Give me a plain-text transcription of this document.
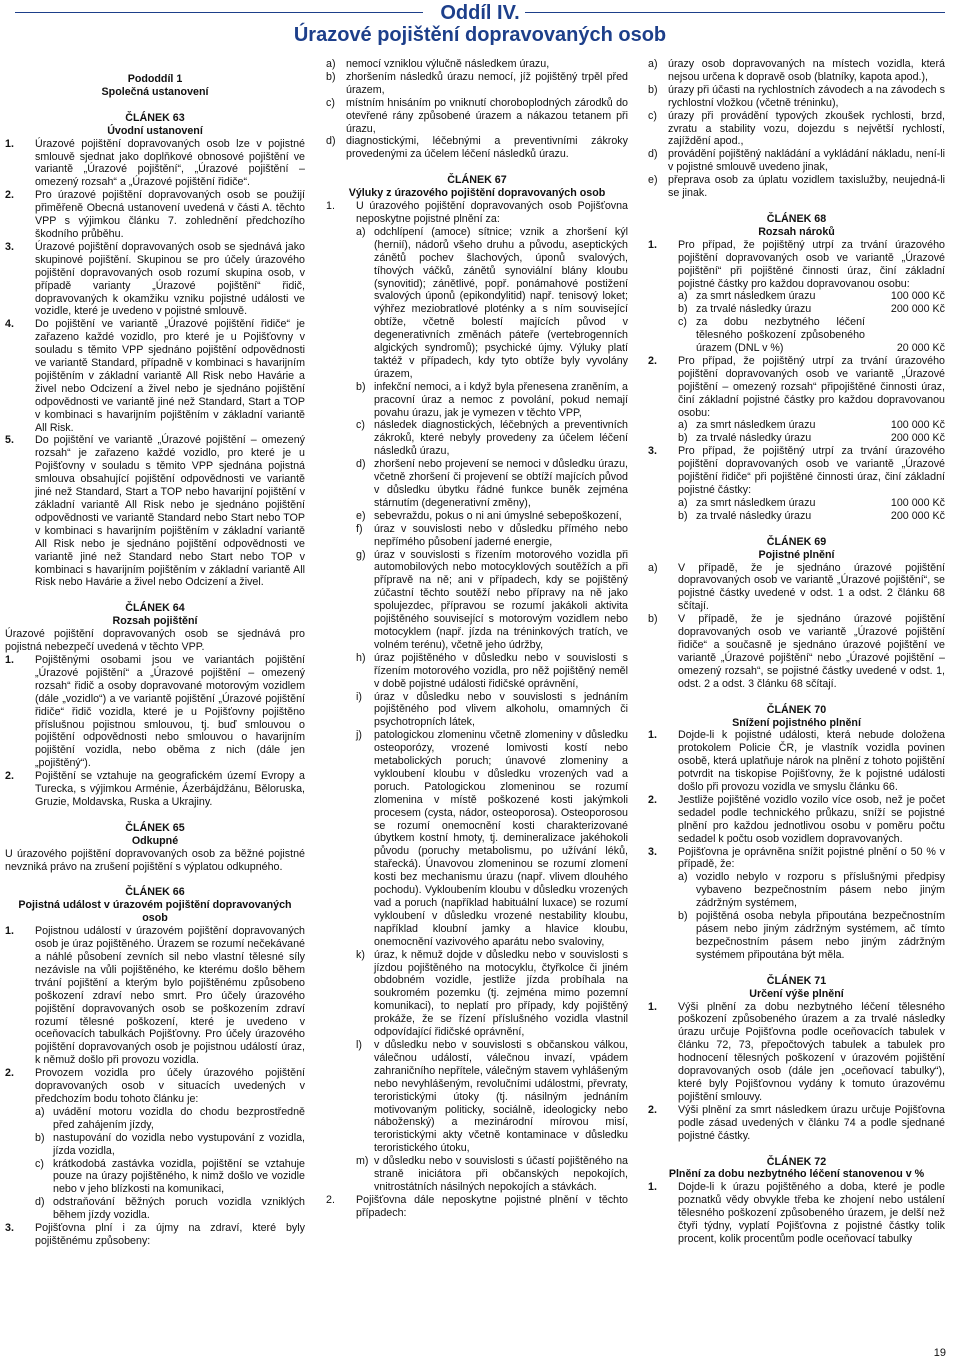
Oddíl IV.
Úrazové pojištění dopravovaných osob

Pododdíl 1

Společná ustanovení

ČLÁNEK 63

Úvodní ustanovení

1.	Úrazové pojištění dopravovaných osob lze v pojistné smlouvě sjednat jako doplňkové obnosové pojištění ve variantě „Úrazové pojištění“, „Úrazové pojištění – omezený rozsah“ a „Úrazové pojištění řidiče“.
2.	Pro úrazové pojištění dopravovaných osob se použijí přiměřeně Obecná ustanovení uvedená v části A. těchto VPP s výjimkou článku 7. zohlednění předchozího škodního průběhu.
3.	Úrazové pojištění dopravovaných osob se sjednává jako skupinové pojištění. Skupinou se pro účely úrazového pojištění dopravovaných osob rozumí skupina osob, v případě varianty „Úrazové pojištění“ řidič, dopravovaných k okamžiku vzniku pojistné události ve vozidle, které je uvedeno v pojistné smlouvě.
4.	Do pojištění ve variantě „Úrazové pojištění řidiče“ je zařazeno každé vozidlo, pro které je u Pojišťovny v souladu s těmito VPP sjednáno pojištění odpovědnosti ve variantě Standard, případně v kombinaci s havarijním pojištěním v základní variantě All Risk nebo Havárie a živel nebo Odcizení a živel nebo je sjednáno pojištění odpovědnosti ve variantě jiné než Standard, Start a TOP v kombinaci s havarijním pojištěním v základní variantě All Risk.
5.	Do pojištění ve variantě „Úrazové pojištění – omezený rozsah“ je zařazeno každé vozidlo, pro které je u Pojišťovny v souladu s těmito VPP sjednána pojistná smlouva obsahující pojištění odpovědnosti ve variantě jiné než Standard, Start a TOP nebo havarijní pojištění v základní variantě All Risk nebo je sjednáno pojištění odpovědnosti ve variantě Standard nebo Start nebo TOP v kombinaci s havarijním pojištěním v základní variantě All Risk nebo je sjednáno pojištění odpovědnosti ve variantě jiné než Standard nebo Start nebo TOP v kombinaci s havarijním pojištěním v základní variantě All Risk nebo Havárie a živel nebo Odcizení a živel.

ČLÁNEK 64

Rozsah pojištění

Úrazové pojištění dopravovaných osob se sjednává pro pojistná nebezpečí uvedená v těchto VPP.

1.	Pojištěnými osobami jsou ve variantách pojištění „Úrazové pojištění“ a „Úrazové pojištění – omezený rozsah“ řidič a osoby dopravované motorovým vozidlem (dále „vozidlo“) a ve variantě pojištění „Úrazové pojištění řidiče“ řidič vozidla, které je u Pojišťovny pojištěno příslušnou pojistnou smlouvou, tj. buď smlouvou o pojištění odpovědnosti nebo smlouvou o havarijním pojištění vozidla, nebo oběma z nich (dále jen „pojištěný“).
2.	Pojištění se vztahuje na geografickém území Evropy a Turecka, s výjimkou Arménie, Ázerbájdžánu, Běloruska, Gruzie, Moldavska, Ruska a Ukrajiny.

ČLÁNEK 65

Odkupné

U úrazového pojištění dopravovaných osob za běžné pojistné nevzniká právo na zrušení pojištění s výplatou odkupného.

ČLÁNEK 66

Pojistná událost v úrazovém pojištění dopravovaných osob

1.	Pojistnou událostí v úrazovém pojištění dopravovaných osob je úraz pojištěného. Úrazem se rozumí nečekávané a náhlé působení zevních sil nebo vlastní tělesné síly nezávisle na vůli pojištěného, ke kterému došlo během trvání pojištění a kterým bylo pojištěnému způsobeno poškození zdraví nebo smrt. Pro účely úrazového pojištění dopravovaných osob se poškozením zdraví rozumí tělesné poškození, které je uvedeno v oceňovacích tabulkách Pojišťovny. Pro účely úrazového pojištění dopravovaných osob je pojistnou událostí úraz, k němuž došlo při provozu vozidla.
2.	Provozem vozidla pro účely úrazového pojištění dopravovaných osob v situacích uvedených v předchozím bodu tohoto článku je:
a) uvádění motoru vozidla do chodu bezprostředně před zahájením jízdy,
b) nastupování do vozidla nebo vystupování z vozidla, jízda vozidla,
c) krátkodobá zastávka vozidla, pojištění se vztahuje pouze na úrazy pojištěného, k nimž došlo ve vozidle nebo v jeho blízkosti na komunikaci,
d) odstraňování běžných poruch vozidla vzniklých během jízdy vozidla.
3.	Pojišťovna plní i za újmy na zdraví, které byly pojištěnému způsobeny:
a) nemocí vzniklou výlučně následkem úrazu,
b) zhoršením následků úrazu nemocí, jíž pojištěný trpěl před úrazem,
c)	místním hnisáním po vniknutí choroboplodných zárodků do otevřené rány způsobené úrazem a nákazou tetanem při úrazu,
d) diagnostickými, léčebnými a preventivními zákroky provedenými za účelem léčení následků úrazu.

ČLÁNEK 67

Výluky z úrazového pojištění dopravovaných osob

1.	U úrazového pojištění dopravovaných osob Pojišťovna neposkytne pojistné plnění za:
a) odchlípení (amoce) sítnice; vznik a zhoršení kýl (hernií), nádorů všeho druhu a původu, aseptických zánětů pochev šlachových, úponů svalových, tíhových váčků, zánětů synoviální blány kloubu (synovitid); zánětlivé, popř. ponámahové postižení svalových úponů (epikondylitid) např. tenisový loket; výhřez meziobratlové ploténky a s ním související obtíže, včetně bolestí majících původ v degenerativních změnách páteře (vertebrogenních algických syndromů); psychické újmy. Výluky platí taktéž v případech, kdy tyto obtíže byly vyvolány úrazem,
b) infekční nemoci, a i když byla přenesena zraněním, a pracovní úraz a nemoc z povolání, pokud nemají povahu úrazu, jak je vymezen v těchto VPP,
c) následek diagnostických, léčebných a preventivních zákroků, které nebyly provedeny za účelem léčení následků úrazu,
d) zhoršení nebo projevení se nemoci v důsledku úrazu, včetně zhoršení či projevení se obtíží majících původ v důsledku úbytku řádné funkce buněk zejména stárnutím (degenerativní změny),
e) sebevraždu, pokus o ni ani úmyslné sebepoškození,
f)	úraz v souvislosti nebo v důsledku přímého nebo nepřímého působení jaderné energie,
g) úraz v souvislosti s řízením motorového vozidla při automobilových nebo motocyklových soutěžích a při přípravě na ně; ani v případech, kdy se pojištěný zúčastní těchto soutěží nebo přípravy na ně jako spolujezdec, přípravou se rozumí jakákoli aktivita pojištěného související s motorovým vozidlem nebo motocyklem (např. jízda na tréninkových tratích, ve volném terénu), včetně jeho údržby,
h) úraz pojištěného v důsledku nebo v souvislosti s řízením motorového vozidla, pro něž pojištěný neměl v době pojistné události řidičské oprávnění,
i)	úraz v důsledku nebo v souvislosti s jednáním pojištěného pod vlivem alkoholu, omamných či psychotropních látek,
j)	patologickou zlomeninu včetně zlomeniny v důsledku osteoporózy, vrozené lomivosti kostí nebo metabolických poruch; únavové zlomeniny a vykloubení kloubu v důsledku vrozených vad a poruch. Patologickou zlomeninou se rozumí zlomenina v místě poškozené kosti jakýmkoli procesem (cysta, nádor, osteoporosa). Osteoporosou se rozumí onemocnění kosti charakterizované úbytkem kostní hmoty, tj. demineralizace jakéhokoli původu (poruchy metabolismu, po užívání léků, stařecká). Únavovou zlomeninou se rozumí zlomení kosti bez mechanismu úrazu (např. vlivem dlouhého pochodu). Vykloubením kloubu v důsledku vrozených vad a poruch (například habituální luxace) se rozumí vykloubení v důsledku vrozené nestability kloubu, například kloubní jamky a hlavice kloubu, onemocnění vazivového aparátu nebo svaloviny,
k) úraz, k němuž dojde v důsledku nebo v souvislosti s jízdou pojištěného na motocyklu, čtyřkolce či jiném obdobném vozidle, jestliže jízda probíhala na soukromém pozemku (tj. zejména mimo pozemní komunikaci), to neplatí pro případy, kdy pojištěný prokáže, že se řízení příslušného vozidla vlastnil odpovídající řidičské oprávnění,
l)	v důsledku nebo v souvislosti s občanskou válkou, válečnou událostí, válečnou invazí, vpádem zahraničního nepřítele, válečným stavem vyhlášeným nebo nevyhlášeným, revolučními událostmi, převraty, teroristickými útoky (tj. násilným jednáním motivovaným politicky, sociálně, ideologicky nebo náboženský) a mezinárodní mírovou misí, teroristickými akty včetně kontaminace v důsledku teroristického útoku,
m) v důsledku nebo v souvislosti s účastí pojištěného na straně iniciátora při občanských nepokojích, vnitrostátních násilných nepokojích a stávkách.
2.	Pojišťovna dále neposkytne pojistné plnění v těchto případech:
a) úrazy osob dopravovaných na místech vozidla, která nejsou určena k dopravě osob (blatníky, kapota apod.),
b) úrazy při účasti na rychlostních závodech a na závodech s rychlostní vložkou (včetně tréninku),
c)	úrazy při provádění typových zkoušek rychlosti, brzd, zvratu a stability vozu, dojezdu s největší rychlostí, zajíždění apod.,
d) provádění pojištěný nakládání a vykládání nákladu, není-li v pojistné smlouvě uvedeno jinak,
e) přeprava osob za úplatu vozidlem taxislužby, neujedná-li se jinak.

ČLÁNEK 68

Rozsah nároků

1.	Pro případ, že pojištěný utrpí za trvání úrazového pojištění dopravovaných osob ve variantě „Úrazové pojištění“ při pojištěné činnosti úraz, činí základní pojistné částky pro každou dopravovanou osobu:
a) za smrt následkem úrazu	100 000 Kč
b) za trvalé následky úrazu	200 000 Kč
c) za dobu nezbytného léčení tělesného poškození způsobeného úrazem (DNL v %)	20 000 Kč
2.	Pro případ, že pojištěný utrpí za trvání úrazového pojištění dopravovaných osob ve variantě „Úrazové pojištění – omezený rozsah“ připojištěné činnosti úraz, činí základní pojistné částky pro každou dopravovanou osobu:
a) za smrt následkem úrazu	100 000 Kč
b) za trvalé následky úrazu	200 000 Kč
3.	Pro případ, že pojištěný utrpí za trvání úrazového pojištění dopravovaných osob ve variantě „Úrazové pojištění řidiče“ při pojištěné činnosti úraz, činí základní pojistné částky:
a) za smrt následkem úrazu	100 000 Kč
b) za trvalé následky úrazu	200 000 Kč

ČLÁNEK 69

Pojistné plnění

a)	V případě, že je sjednáno úrazové pojištění dopravovaných osob ve variantě „Úrazové pojištění“, se pojistné částky uvedené v odst. 1 a odst. 2 článku 68 sčítají.
b)	V případě, že je sjednáno úrazové pojištění dopravovaných osob ve variantě „Úrazové pojištění řidiče“ a současně je sjednáno úrazové pojištění ve variantě „Úrazové pojištění“ nebo „Úrazové pojištění – omezený rozsah“, se pojistné částky uvedené v odst. 1, odst. 2 a odst. 3 článku 68 sčítají.

ČLÁNEK 70

Snížení pojistného plnění

1.	Dojde-li k pojistné události, která nebude doložena protokolem Policie ČR, je vlastník vozidla povinen osobě, která uplatňuje nárok na plnění z tohoto pojištění potvrdit na tiskopise Pojišťovny, že k pojistné události došlo při provozu vozidla ve smyslu článku 66.
2.	Jestliže pojištěné vozidlo vozilo více osob, než je počet sedadel podle technického průkazu, sníží se pojistné plnění pro každou jednotlivou osobu v poměru počtu sedadel k počtu osob vozidlem dopravovaných.
3.	Pojišťovna je oprávněna snížit pojistné plnění o 50 % v případě, že:
a) vozidlo nebylo v rozporu s příslušnými předpisy vybaveno bezpečnostním pásem nebo jiným zádržným systémem,
b) pojištěná osoba nebyla připoutána bezpečnostním pásem nebo jiným zádržným systémem, ač tímto bezpečnostním pásem nebo jiným zádržným systémem připoutána být měla.

ČLÁNEK 71

Určení výše plnění

1.	Výši plnění za dobu nezbytného léčení tělesného poškození způsobeného úrazem a za trvalé následky úrazu určuje Pojišťovna podle oceňovacích tabulek v článku 72, 73, přepočtových tabulek a tabulek pro hodnocení tělesných poškození v úrazovém pojištění dopravovaných osob (dále jen „oceňovací tabulky“), které byly Pojišťovnou vydány k tomuto úrazovému pojištění smlouvy.
2.	Výši plnění za smrt následkem úrazu určuje Pojišťovna podle zásad uvedených v článku 74 a podle sjednané pojistné částky.

ČLÁNEK 72

Plnění za dobu nezbytného léčení stanovenou v %

1.	Dojde-li k úrazu pojištěného a doba, které je podle poznatků vědy obvykle třeba ke zhojení nebo ustálení tělesného poškození způsobeného úrazem, je delší než čtyři týdny, vyplatí Pojišťovna z pojistné částky tolik procent, kolik procentům podle oceňovací tabulky
19
